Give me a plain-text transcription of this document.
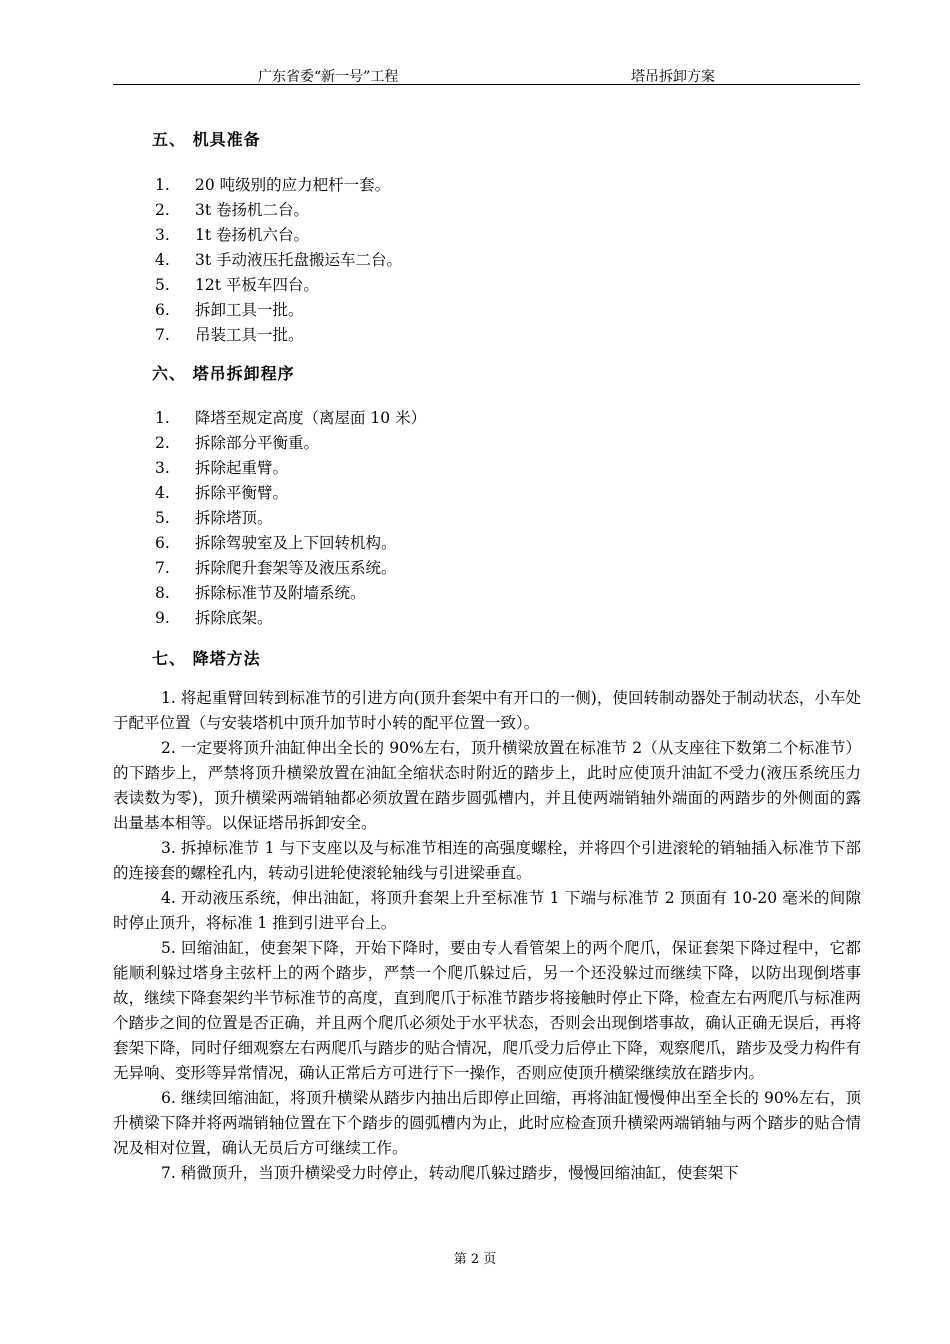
广东省委“新一号”工程	塔吊拆卸方案
五、 机具准备
1. 20 吨级别的应力杷杆一套。
2. 3t 卷扬机二台。
3. 1t 卷扬机六台。
4. 3t 手动液压托盘搬运车二台。
5. 12t 平板车四台。
6. 拆卸工具一批。
7. 吊装工具一批。
六、 塔吊拆卸程序
1. 降塔至规定高度（离屋面 10 米）
2. 拆除部分平衡重。
3. 拆除起重臂。
4. 拆除平衡臂。
5. 拆除塔顶。
6. 拆除驾驶室及上下回转机构。
7. 拆除爬升套架等及液压系统。
8. 拆除标准节及附墙系统。
9. 拆除底架。
七、 降塔方法

1. 将起重臂回转到标准节的引进方向(顶升套架中有开口的一侧)，使回转制动器处于制动状态，小车处于配平位置（与安装塔机中顶升加节时小转的配平位置一致）。

2. 一定要将顶升油缸伸出全长的 90%左右，顶升横梁放置在标准节 2（从支座往下数第二个标准节）的下踏步上，严禁将顶升横梁放置在油缸全缩状态时附近的踏步上，此时应使顶升油缸不受力(液压系统压力表读数为零)，顶升横梁两端销轴都必须放置在踏步圆弧槽内，并且使两端销轴外端面的两踏步的外侧面的露出量基本相等。以保证塔吊拆卸安全。

3. 拆掉标准节 1 与下支座以及与标准节相连的高强度螺栓，并将四个引进滚轮的销轴插入标准节下部的连接套的螺栓孔内，转动引进轮使滚轮轴线与引进梁垂直。

4. 开动液压系统，伸出油缸，将顶升套架上升至标准节 1 下端与标准节 2 顶面有 10-20 毫米的间隙时停止顶升，将标准 1 推到引进平台上。

5. 回缩油缸，使套架下降，开始下降时，要由专人看管架上的两个爬爪，保证套架下降过程中，它都能顺利躲过塔身主弦杆上的两个踏步，严禁一个爬爪躲过后，另一个还没躲过而继续下降，以防出现倒塔事故，继续下降套架约半节标准节的高度，直到爬爪于标准节踏步将接触时停止下降，检查左右两爬爪与标准两个踏步之间的位置是否正确，并且两个爬爪必须处于水平状态，否则会出现倒塔事故，确认正确无误后，再将套架下降，同时仔细观察左右两爬爪与踏步的贴合情况，爬爪受力后停止下降，观察爬爪，踏步及受力构件有无异响、变形等异常情况，确认正常后方可进行下一操作，否则应使顶升横梁继续放在踏步内。

6. 继续回缩油缸，将顶升横梁从踏步内抽出后即停止回缩，再将油缸慢慢伸出至全长的 90%左右，顶升横梁下降并将两端销轴位置在下个踏步的圆弧槽内为止，此时应检查顶升横梁两端销轴与两个踏步的贴合情况及相对位置，确认无员后方可继续工作。

7. 稍微顶升，当顶升横梁受力时停止，转动爬爪躲过踏步，慢慢回缩油缸，使套架下

第 2 页
